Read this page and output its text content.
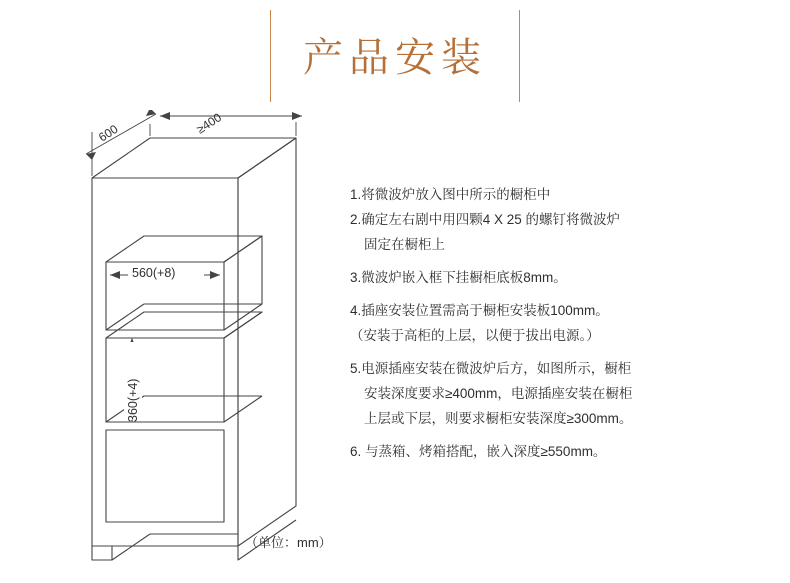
产品安装
600	≥400
560(+8)
360(+4)
（单位：mm）
1.将微波炉放入图中所示的橱柜中
2.确定左右剧中用四颗4 X 25 的螺钉将微波炉
固定在橱柜上
3.微波炉嵌入框下挂橱柜底板8mm。
4.插座安装位置需高于橱柜安装板100mm。
（安装于高柜的上层，以便于拔出电源。）
5.电源插座安装在微波炉后方，如图所示，橱柜
安装深度要求≥400mm，电源插座安装在橱柜
上层或下层，则要求橱柜安装深度≥300mm。
6. 与蒸箱、烤箱搭配，嵌入深度≥550mm。
